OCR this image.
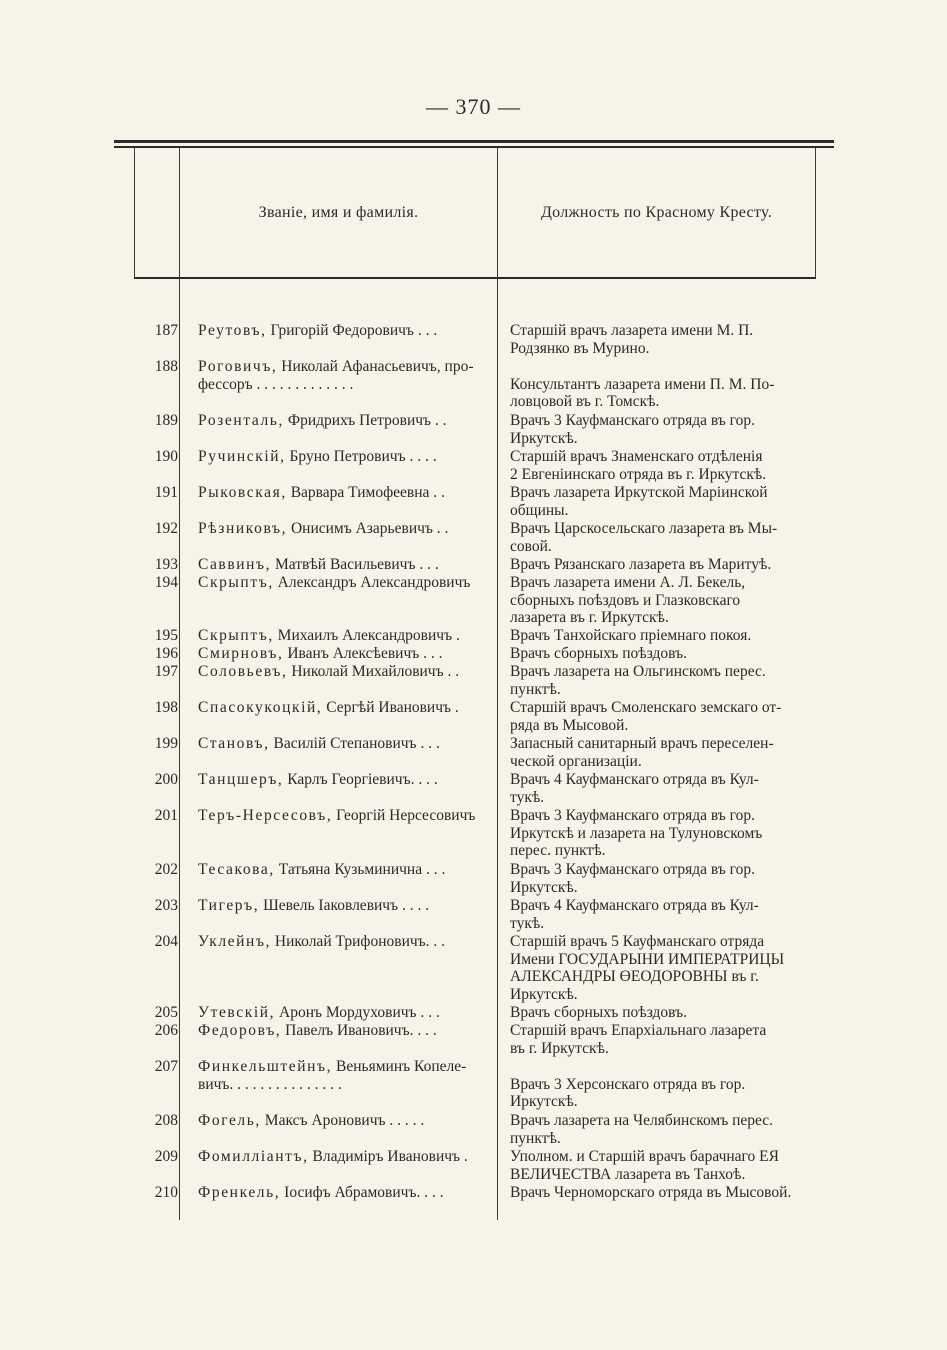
— 370 —
Званіе, имя и фамилія.	Должность по Красному Кресту.
187 Реутовъ, Григорій Федоровичъ . . .	Старшій врачъ лазарета имени М. П.
Родзянко въ Мурино.
188 Роговичъ, Николай Афанасьевичъ, про-
фессоръ . . . . . . . . . . . . .
	Консультантъ лазарета имени П. М. По-
ловцовой въ г. Томскѣ.
189 Розенталь, Фридрихъ Петровичъ . .	Врачъ 3 Кауфманскаго отряда въ гор.
Иркутскѣ.
190 Ручинскій, Бруно Петровичъ . . . .	Старшій врачъ Знаменскаго отдѣленія
2 Евгеніинскаго отряда въ г. Иркутскѣ.
191 Рыковская, Варвара Тимофеевна . .	Врачъ лазарета Иркутской Маріинской
общины.
192 Рѣзниковъ, Онисимъ Азарьевичъ . .	Врачъ Царскосельскаго лазарета въ Мы-
совой.
193 Саввинъ, Матвѣй Васильевичъ . . .	Врачъ Рязанскаго лазарета въ Маритуѣ.
194 Скрыптъ, Александръ Александровичъ	Врачъ лазарета имени А. Л. Бекель,
сборныхъ поѣздовъ и Глазковскаго
лазарета въ г. Иркутскѣ.
195 Скрыптъ, Михаилъ Александровичъ .	Врачъ Танхойскаго пріемнаго покоя.
196 Смирновъ, Иванъ Алексѣевичъ . . .	Врачъ сборныхъ поѣздовъ.
197 Соловьевъ, Николай Михайловичъ . .	Врачъ лазарета на Ольгинскомъ перес.
пунктѣ.
198 Спасокукоцкій, Сергѣй Ивановичъ .	Старшій врачъ Смоленскаго земскаго от-
ряда въ Мысовой.
199 Становъ, Василій Степановичъ . . .	Запасный санитарный врачъ переселен-
ческой организаціи.
200 Танцшеръ, Карлъ Георгіевичъ. . . .	Врачъ 4 Кауфманскаго отряда въ Кул-
тукѣ.
201 Теръ-Нерсесовъ, Георгій Нерсесовичъ	Врачъ 3 Кауфманскаго отряда въ гор.
Иркутскѣ и лазарета на Тулуновскомъ
перес. пунктѣ.
202 Тесакова, Татьяна Кузьминична . . .	Врачъ 3 Кауфманскаго отряда въ гор.
Иркутскѣ.
203 Тигеръ, Шевель Іаковлевичъ . . . .	Врачъ 4 Кауфманскаго отряда въ Кул-
тукѣ.
204 Уклейнъ, Николай Трифоновичъ. . .	Старшій врачъ 5 Кауфманскаго отряда
Имени ГОСУДАРЫНИ ИМПЕРАТРИЦЫ
АЛЕКСАНДРЫ ӨЕОДОРОВНЫ въ г.
Иркутскѣ.
205 Утевскій, Аронъ Мордуховичъ . . .	Врачъ сборныхъ поѣздовъ.
206 Федоровъ, Павелъ Ивановичъ. . . .	Старшій врачъ Епархіальнаго лазарета
въ г. Иркутскѣ.
207 Финкельштейнъ, Веньяминъ Копеле-
вичъ. . . . . . . . . . . . . . .
	Врачъ 3 Херсонскаго отряда въ гор.
Иркутскѣ.
208 Фогель, Максъ Ароновичъ . . . . .	Врачъ лазарета на Челябинскомъ перес.
пунктѣ.
209 Фомилліантъ, Владиміръ Ивановичъ .	Уполном. и Старшій врачъ барачнаго ЕЯ
ВЕЛИЧЕСТВА лазарета въ Танхоѣ.
210 Френкель, Іосифъ Абрамовичъ. . . .	Врачъ Черноморскаго отряда въ Мысовой.
